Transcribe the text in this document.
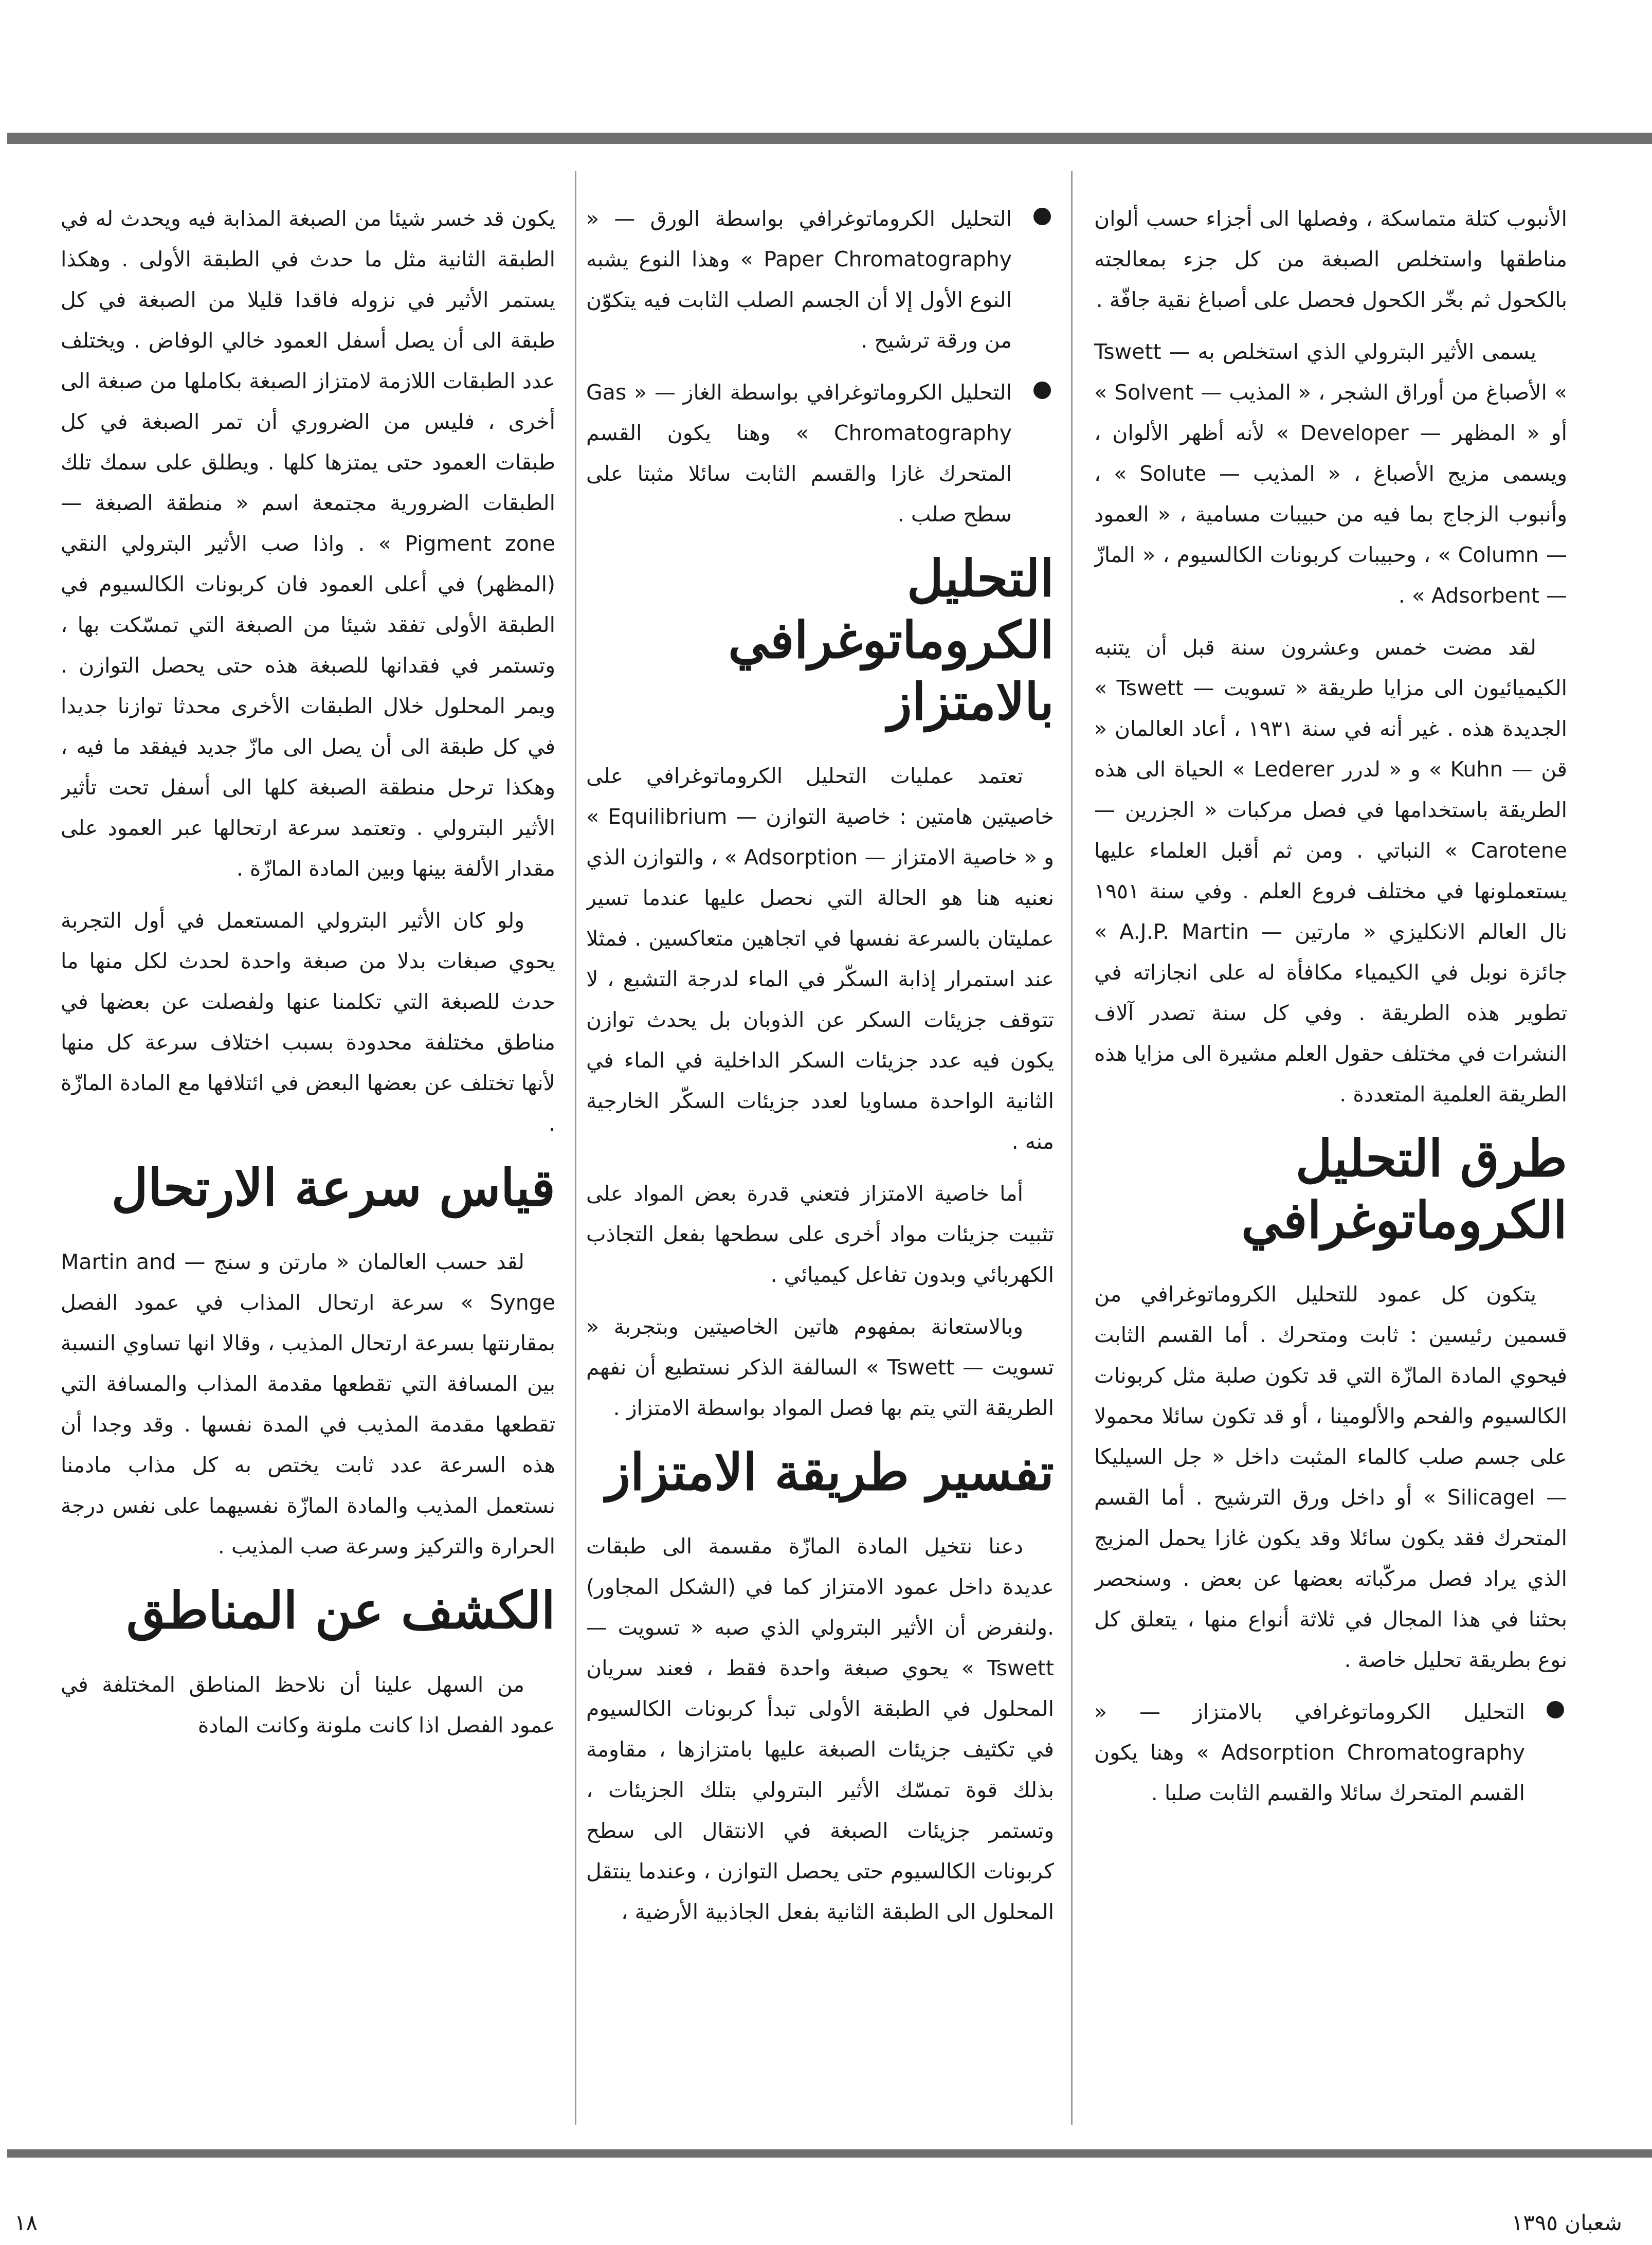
الأنبوب كتلة متماسكة ، وفصلها الى أجزاء حسب ألوان مناطقها واستخلص الصبغة من كل جزء بمعالجته بالكحول ثم بخّر الكحول فحصل على أصباغ نقية جافّة .

يسمى الأثير البترولي الذي استخلص به — Tswett » الأصباغ من أوراق الشجر ، « المذيب — Solvent » أو « المظهر — Developer » لأنه أظهر الألوان ، ويسمى مزيج الأصباغ ، « المذيب — Solute » ، وأنبوب الزجاج بما فيه من حبيبات مسامية ، « العمود — Column » ، وحبيبات كربونات الكالسيوم ، « المازّ — Adsorbent » .

لقد مضت خمس وعشرون سنة قبل أن يتنبه الكيميائيون الى مزايا طريقة « تسويت — Tswett » الجديدة هذه . غير أنه في سنة ١٩٣١ ، أعاد العالمان « قن — Kuhn » و « لدرر Lederer » الحياة الى هذه الطريقة باستخدامها في فصل مركبات « الجزرين — Carotene » النباتي . ومن ثم أقبل العلماء عليها يستعملونها في مختلف فروع العلم . وفي سنة ١٩٥١ نال العالم الانكليزي « مارتين — A.J.P. Martin » جائزة نوبل في الكيمياء مكافأة له على انجازاته في تطوير هذه الطريقة . وفي كل سنة تصدر آلاف النشرات في مختلف حقول العلم مشيرة الى مزايا هذه الطريقة العلمية المتعددة .

طرق التحليل الكروماتوغرافي

يتكون كل عمود للتحليل الكروماتوغرافي من قسمين رئيسين : ثابت ومتحرك . أما القسم الثابت فيحوي المادة المازّة التي قد تكون صلبة مثل كربونات الكالسيوم والفحم والألومينا ، أو قد تكون سائلا محمولا على جسم صلب كالماء المثبت داخل « جل السيليكا — Silicagel » أو داخل ورق الترشيح . أما القسم المتحرك فقد يكون سائلا وقد يكون غازا يحمل المزيج الذي يراد فصل مركّباته بعضها عن بعض . وسنحصر بحثنا في هذا المجال في ثلاثة أنواع منها ، يتعلق كل نوع بطريقة تحليل خاصة .

التحليل الكروماتوغرافي بالامتزاز — « Adsorption Chromatography » وهنا يكون القسم المتحرك سائلا والقسم الثابت صلبا .

التحليل الكروماتوغرافي بواسطة الورق — « Paper Chromatography » وهذا النوع يشبه النوع الأول إلا أن الجسم الصلب الثابت فيه يتكوّن من ورقة ترشيح .

التحليل الكروماتوغرافي بواسطة الغاز — « Gas Chromatography » وهنا يكون القسم المتحرك غازا والقسم الثابت سائلا مثبتا على سطح صلب .

التحليل الكروماتوغرافي بالامتزاز

تعتمد عمليات التحليل الكروماتوغرافي على خاصيتين هامتين : خاصية التوازن — Equilibrium » و « خاصية الامتزاز — Adsorption » ، والتوازن الذي نعنيه هنا هو الحالة التي نحصل عليها عندما تسير عمليتان بالسرعة نفسها في اتجاهين متعاكسين . فمثلا عند استمرار إذابة السكّر في الماء لدرجة التشبع ، لا تتوقف جزيئات السكر عن الذوبان بل يحدث توازن يكون فيه عدد جزيئات السكر الداخلية في الماء في الثانية الواحدة مساويا لعدد جزيئات السكّر الخارجية منه .

أما خاصية الامتزاز فتعني قدرة بعض المواد على تثبيت جزيئات مواد أخرى على سطحها بفعل التجاذب الكهربائي وبدون تفاعل كيميائي .

وبالاستعانة بمفهوم هاتين الخاصيتين وبتجربة « تسويت — Tswett » السالفة الذكر نستطيع أن نفهم الطريقة التي يتم بها فصل المواد بواسطة الامتزاز .

تفسير طريقة الامتزاز

دعنا نتخيل المادة المازّة مقسمة الى طبقات عديدة داخل عمود الامتزاز كما في (الشكل المجاور) .ولنفرض أن الأثير البترولي الذي صبه « تسويت — Tswett » يحوي صبغة واحدة فقط ، فعند سريان المحلول في الطبقة الأولى تبدأ كربونات الكالسيوم في تكثيف جزيئات الصبغة عليها بامتزازها ، مقاومة بذلك قوة تمسّك الأثير البترولي بتلك الجزيئات ، وتستمر جزيئات الصبغة في الانتقال الى سطح كربونات الكالسيوم حتى يحصل التوازن ، وعندما ينتقل المحلول الى الطبقة الثانية بفعل الجاذبية الأرضية ،

يكون قد خسر شيئا من الصبغة المذابة فيه ويحدث له في الطبقة الثانية مثل ما حدث في الطبقة الأولى . وهكذا يستمر الأثير في نزوله فاقدا قليلا من الصبغة في كل طبقة الى أن يصل أسفل العمود خالي الوفاض . ويختلف عدد الطبقات اللازمة لامتزاز الصبغة بكاملها من صبغة الى أخرى ، فليس من الضروري أن تمر الصبغة في كل طبقات العمود حتى يمتزها كلها . ويطلق على سمك تلك الطبقات الضرورية مجتمعة اسم « منطقة الصبغة — Pigment zone » . واذا صب الأثير البترولي النقي (المظهر) في أعلى العمود فان كربونات الكالسيوم في الطبقة الأولى تفقد شيئا من الصبغة التي تمسّكت بها ، وتستمر في فقدانها للصبغة هذه حتى يحصل التوازن . ويمر المحلول خلال الطبقات الأخرى محدثا توازنا جديدا في كل طبقة الى أن يصل الى مازّ جديد فيفقد ما فيه ، وهكذا ترحل منطقة الصبغة كلها الى أسفل تحت تأثير الأثير البترولي . وتعتمد سرعة ارتحالها عبر العمود على مقدار الألفة بينها وبين المادة المازّة .

ولو كان الأثير البترولي المستعمل في أول التجربة يحوي صبغات بدلا من صبغة واحدة لحدث لكل منها ما حدث للصبغة التي تكلمنا عنها ولفصلت عن بعضها في مناطق مختلفة محدودة بسبب اختلاف سرعة كل منها لأنها تختلف عن بعضها البعض في ائتلافها مع المادة المازّة .

قياس سرعة الارتحال

لقد حسب العالمان « مارتن و سنج — Martin and Synge » سرعة ارتحال المذاب في عمود الفصل بمقارنتها بسرعة ارتحال المذيب ، وقالا انها تساوي النسبة بين المسافة التي تقطعها مقدمة المذاب والمسافة التي تقطعها مقدمة المذيب في المدة نفسها . وقد وجدا أن هذه السرعة عدد ثابت يختص به كل مذاب مادمنا نستعمل المذيب والمادة المازّة نفسيهما على نفس درجة الحرارة والتركيز وسرعة صب المذيب .

الكشف عن المناطق

من السهل علينا أن نلاحظ المناطق المختلفة في عمود الفصل اذا كانت ملونة وكانت المادة

شعبان ١٣٩٥
١٨
